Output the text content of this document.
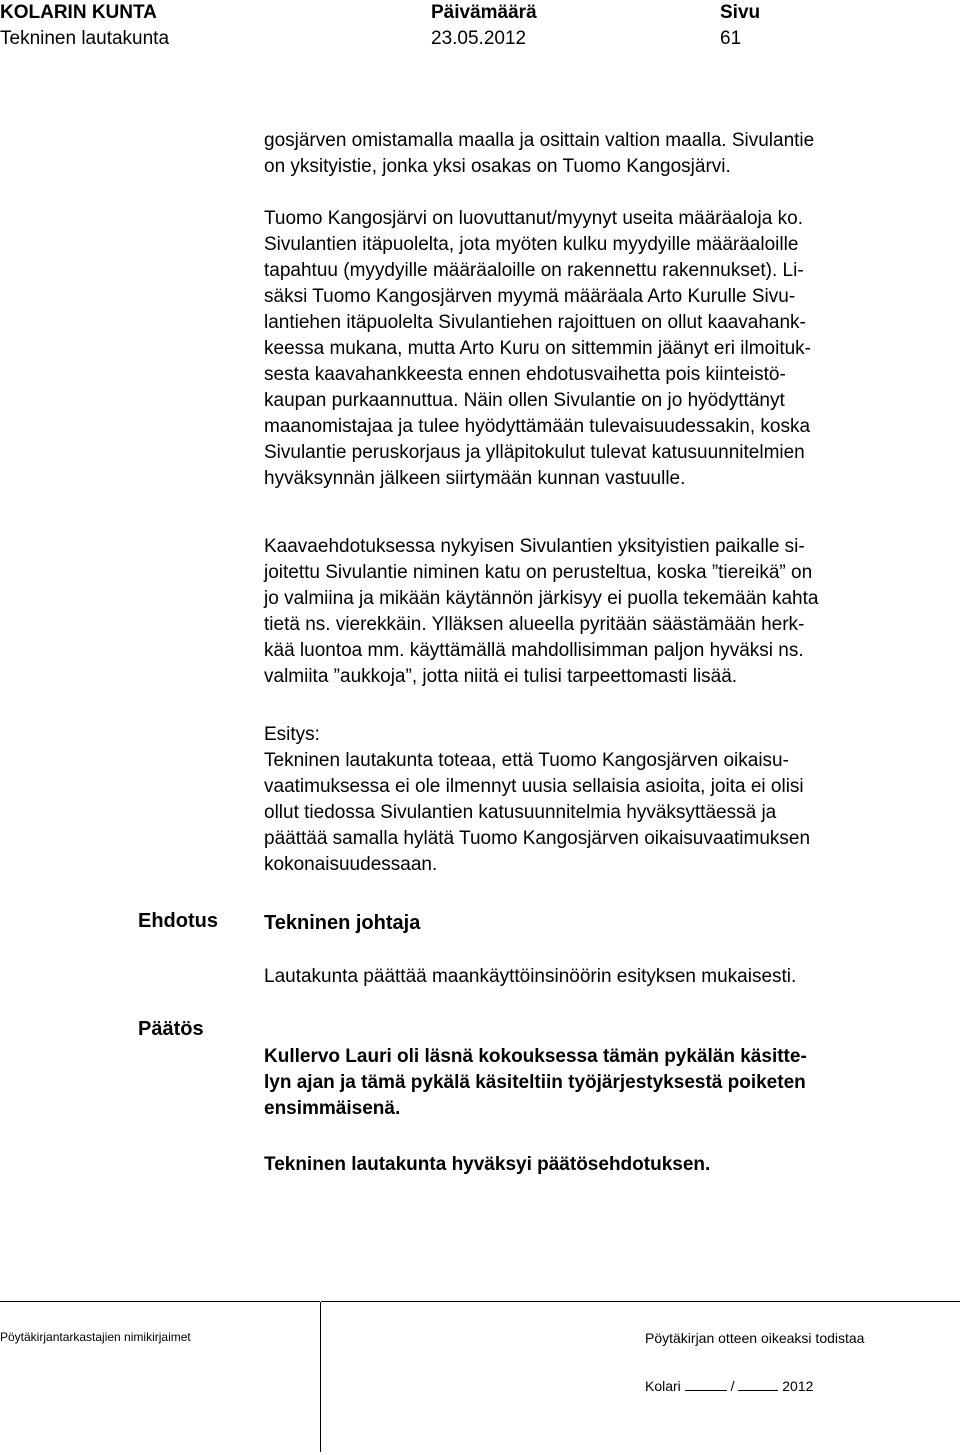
KOLARIN KUNTA
Tekninen lautakunta
Päivämäärä
23.05.2012
Sivu
61

gosjärven omistamalla maalla ja osittain valtion maalla. Sivulantie
on yksityistie, jonka yksi osakas on Tuomo Kangosjärvi.

Tuomo Kangosjärvi on luovuttanut/myynyt useita määräaloja ko.
Sivulantien itäpuolelta, jota myöten kulku myydyille määräaloille
tapahtuu (myydyille määräaloille on rakennettu rakennukset). Li-
säksi Tuomo Kangosjärven myymä määräala Arto Kurulle Sivu-
lantiehen itäpuolelta Sivulantiehen rajoittuen on ollut kaavahank-
keessa mukana, mutta Arto Kuru on sittemmin jäänyt eri ilmoituk-
sesta kaavahankkeesta ennen ehdotusvaihetta pois kiinteistö-
kaupan purkaannuttua. Näin ollen Sivulantie on jo hyödyttänyt
maanomistajaa ja tulee hyödyttämään tulevaisuudessakin, koska
Sivulantie peruskorjaus ja ylläpitokulut tulevat katusuunnitelmien
hyväksynnän jälkeen siirtymään kunnan vastuulle.

Kaavaehdotuksessa nykyisen Sivulantien yksityistien paikalle si-
joitettu Sivulantie niminen katu on perusteltua, koska ”tiereikä” on
jo valmiina ja mikään käytännön järkisyy ei puolla tekemään kahta
tietä ns. vierekkäin. Ylläksen alueella pyritään säästämään herk-
kää luontoa mm. käyttämällä mahdollisimman paljon hyväksi ns.
valmiita ”aukkoja”, jotta niitä ei tulisi tarpeettomasti lisää.

Esitys:

Tekninen lautakunta toteaa, että Tuomo Kangosjärven oikaisu-
vaatimuksessa ei ole ilmennyt uusia sellaisia asioita, joita ei olisi
ollut tiedossa Sivulantien katusuunnitelmia hyväksyttäessä ja
päättää samalla hylätä Tuomo Kangosjärven oikaisuvaatimuksen
kokonaisuudessaan.

Ehdotus Tekninen johtaja

Lautakunta päättää maankäyttöinsinöörin esityksen mukaisesti.

Päätös

Kullervo Lauri oli läsnä kokouksessa tämän pykälän käsitte-
lyn ajan ja tämä pykälä käsiteltiin työjärjestyksestä poiketen
ensimmäisenä.

Tekninen lautakunta hyväksyi päätösehdotuksen.

Pöytäkirjantarkastajien nimikirjaimet	Pöytäkirjan otteen oikeaksi todistaa
Kolari	/	2012
